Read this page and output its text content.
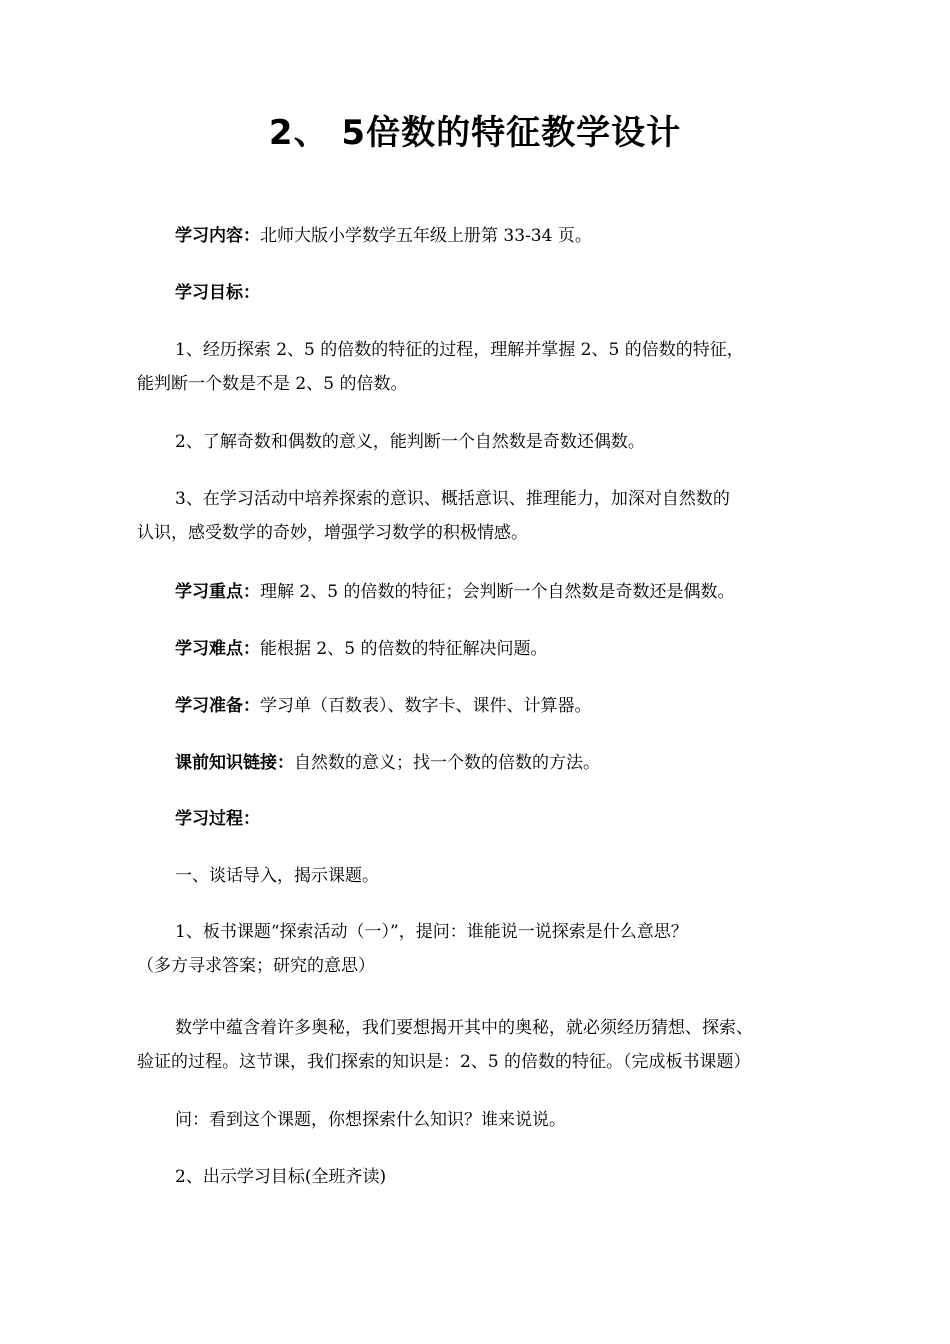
2、 5倍数的特征教学设计

学习内容：北师大版小学数学五年级上册第 33-34 页。

学习目标：

1、经历探索 2、5 的倍数的特征的过程，理解并掌握 2、5 的倍数的特征，
能判断一个数是不是 2、5 的倍数。

2、了解奇数和偶数的意义，能判断一个自然数是奇数还偶数。

3、在学习活动中培养探索的意识、概括意识、推理能力，加深对自然数的
认识，感受数学的奇妙，增强学习数学的积极情感。

学习重点：理解 2、5 的倍数的特征；会判断一个自然数是奇数还是偶数。

学习难点：能根据 2、5 的倍数的特征解决问题。

学习准备：学习单（百数表）、数字卡、课件、计算器。

课前知识链接：自然数的意义；找一个数的倍数的方法。

学习过程：

一、谈话导入，揭示课题。

1、板书课题“探索活动（一）”，提问：谁能说一说探索是什么意思？
（多方寻求答案；研究的意思）

数学中蕴含着许多奥秘，我们要想揭开其中的奥秘，就必须经历猜想、探索、
验证的过程。这节课，我们探索的知识是：2、5 的倍数的特征。（完成板书课题）

问：看到这个课题，你想探索什么知识？谁来说说。

2、出示学习目标(全班齐读)
